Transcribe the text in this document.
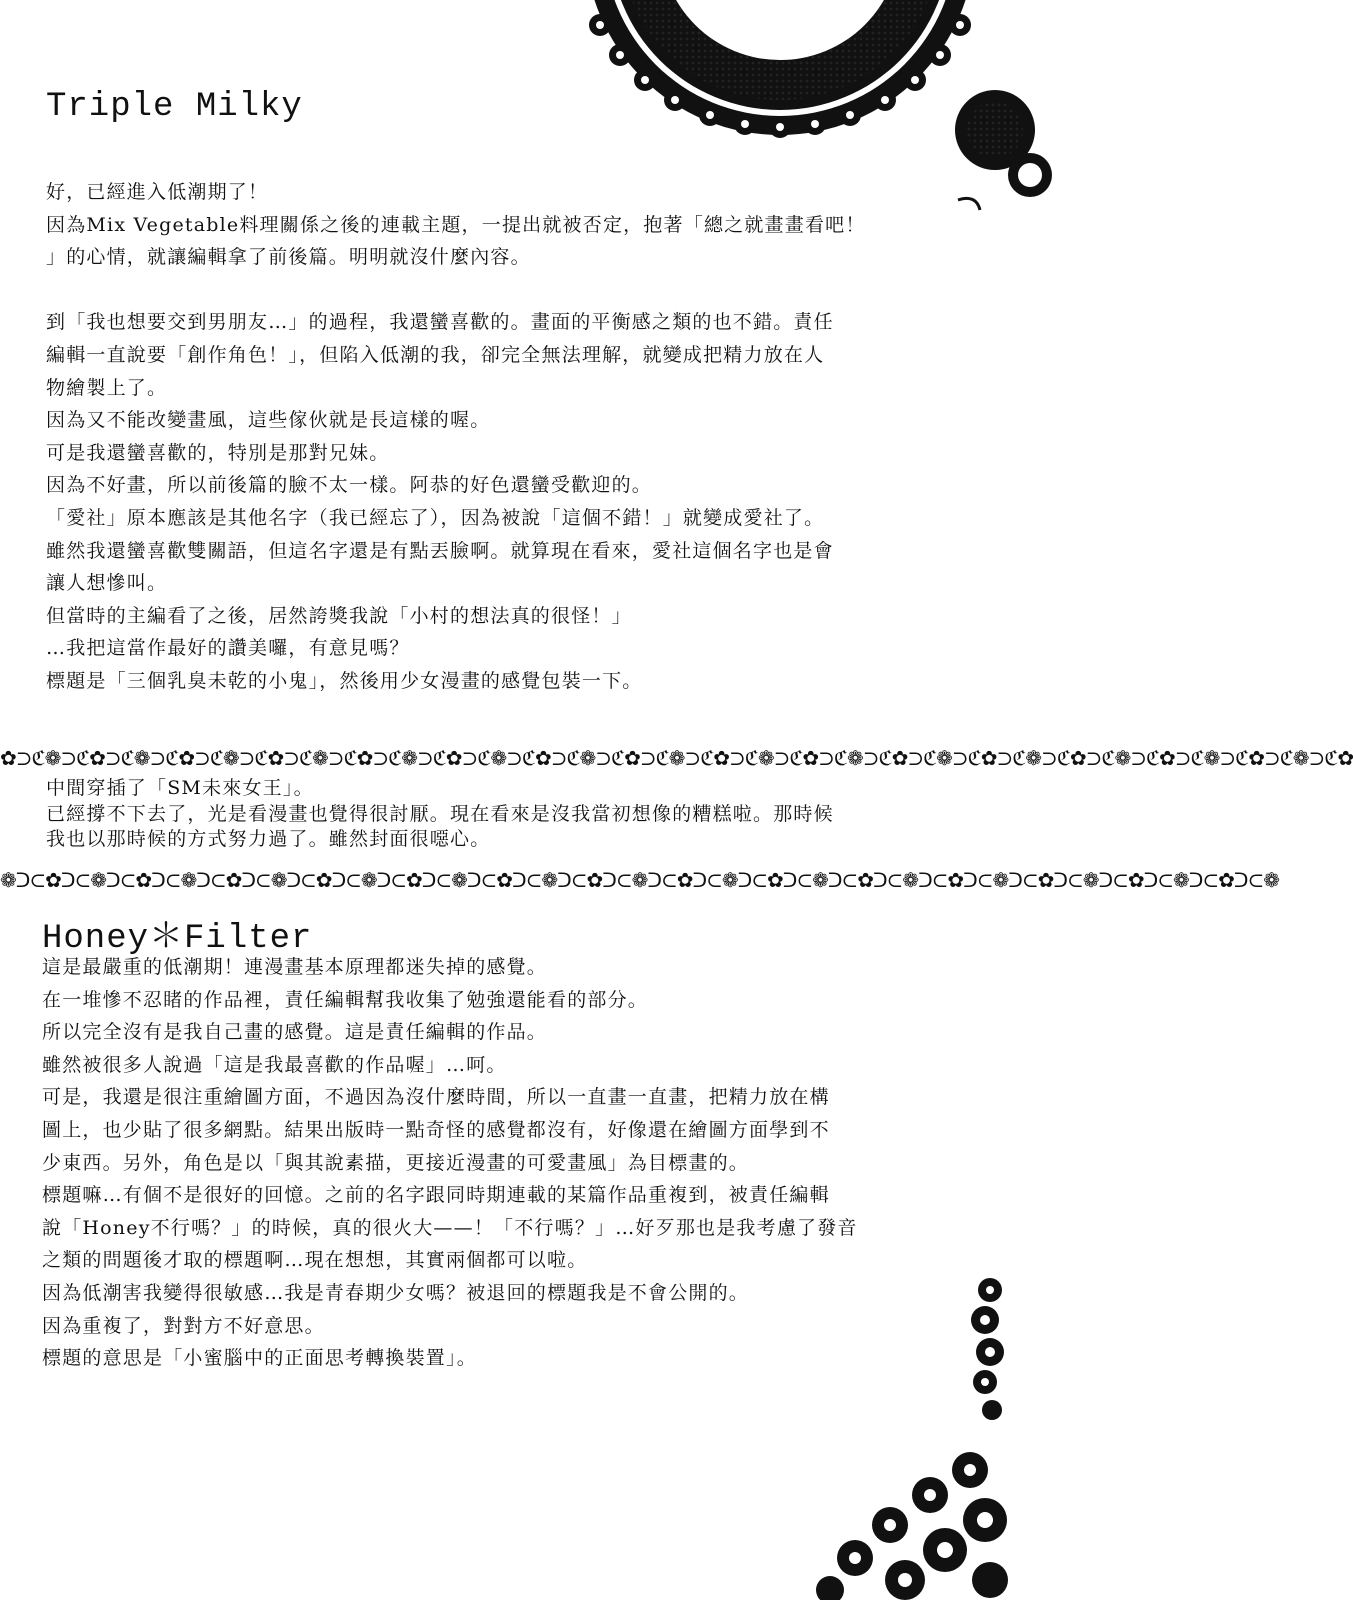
Triple Milky

好，已經進入低潮期了！

因為Mix Vegetable料理關係之後的連載主題，一提出就被否定，抱著「總之就畫畫看吧！

」的心情，就讓編輯拿了前後篇。明明就沒什麼內容。

到「我也想要交到男朋友…」的過程，我還蠻喜歡的。畫面的平衡感之類的也不錯。責任

編輯一直說要「創作角色！」，但陷入低潮的我，卻完全無法理解，就變成把精力放在人

物繪製上了。

因為又不能改變畫風，這些傢伙就是長這樣的喔。

可是我還蠻喜歡的，特別是那對兄妹。

因為不好畫，所以前後篇的臉不太一樣。阿恭的好色還蠻受歡迎的。

「愛社」原本應該是其他名字（我已經忘了），因為被說「這個不錯！」就變成愛社了。

雖然我還蠻喜歡雙關語，但這名字還是有點丟臉啊。就算現在看來，愛社這個名字也是會

讓人想慘叫。

但當時的主編看了之後，居然誇獎我說「小村的想法真的很怪！」

…我把這當作最好的讚美囉，有意見嗎？

標題是「三個乳臭未乾的小鬼」，然後用少女漫畫的感覺包裝一下。

✿⊃ℭ❁⊃ℭ✿⊃ℭ❁⊃ℭ✿⊃ℭ❁⊃ℭ✿⊃ℭ❁⊃ℭ✿⊃ℭ❁⊃ℭ✿⊃ℭ❁⊃ℭ✿⊃ℭ❁⊃ℭ✿⊃ℭ❁⊃ℭ✿⊃ℭ❁⊃ℭ✿⊃ℭ❁⊃ℭ✿⊃ℭ❁⊃ℭ✿⊃ℭ❁⊃ℭ✿⊃ℭ❁⊃ℭ✿⊃ℭ❁⊃ℭ✿⊃ℭ❁⊃ℭ✿

中間穿插了「SM未來女王」。

已經撐不下去了，光是看漫畫也覺得很討厭。現在看來是沒我當初想像的糟糕啦。那時候

我也以那時候的方式努力過了。雖然封面很噁心。

❁ᑐ⊂✿ᑐ⊂❁ᑐ⊂✿ᑐ⊂❁ᑐ⊂✿ᑐ⊂❁ᑐ⊂✿ᑐ⊂❁ᑐ⊂✿ᑐ⊂❁ᑐ⊂✿ᑐ⊂❁ᑐ⊂✿ᑐ⊂❁ᑐ⊂✿ᑐ⊂❁ᑐ⊂✿ᑐ⊂❁ᑐ⊂✿ᑐ⊂❁ᑐ⊂✿ᑐ⊂❁ᑐ⊂✿ᑐ⊂❁ᑐ⊂✿ᑐ⊂❁ᑐ⊂✿ᑐ⊂❁
Honey＊Filter

這是最嚴重的低潮期！連漫畫基本原理都迷失掉的感覺。

在一堆慘不忍睹的作品裡，責任編輯幫我收集了勉強還能看的部分。

所以完全沒有是我自己畫的感覺。這是責任編輯的作品。

雖然被很多人說過「這是我最喜歡的作品喔」…呵。

可是，我還是很注重繪圖方面，不過因為沒什麼時間，所以一直畫一直畫，把精力放在構

圖上，也少貼了很多網點。結果出版時一點奇怪的感覺都沒有，好像還在繪圖方面學到不

少東西。另外，角色是以「與其說素描，更接近漫畫的可愛畫風」為目標畫的。

標題嘛…有個不是很好的回憶。之前的名字跟同時期連載的某篇作品重複到，被責任編輯

說「Honey不行嗎？」的時候，真的很火大——！「不行嗎？」…好歹那也是我考慮了發音

之類的問題後才取的標題啊…現在想想，其實兩個都可以啦。

因為低潮害我變得很敏感…我是青春期少女嗎？被退回的標題我是不會公開的。

因為重複了，對對方不好意思。

標題的意思是「小蜜腦中的正面思考轉換裝置」。
